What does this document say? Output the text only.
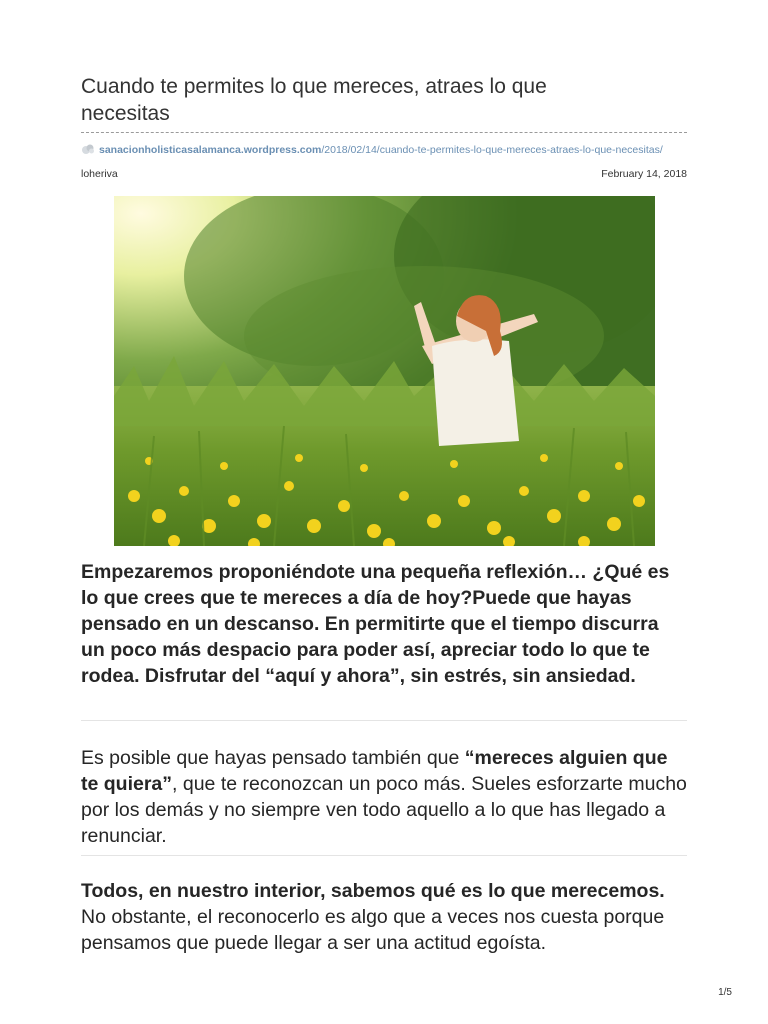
Cuando te permites lo que mereces, atraes lo que necesitas
sanacionholisticasalamanca.wordpress.com/2018/02/14/cuando-te-permites-lo-que-mereces-atraes-lo-que-necesitas/
loheriva	February 14, 2018

Empezaremos proponiéndote una pequeña reflexión… ¿Qué es lo que crees que te mereces a día de hoy?Puede que hayas pensado en un descanso. En permitirte que el tiempo discurra un poco más despacio para poder así, apreciar todo lo que te rodea. Disfrutar del “aquí y ahora”, sin estrés, sin ansiedad.

Es posible que hayas pensado también que “mereces alguien que te quiera”, que te reconozcan un poco más. Sueles esforzarte mucho por los demás y no siempre ven todo aquello a lo que has llegado a renunciar.

Todos, en nuestro interior, sabemos qué es lo que merecemos. No obstante, el reconocerlo es algo que a veces nos cuesta porque pensamos que puede llegar a ser una actitud egoísta.

1/5
